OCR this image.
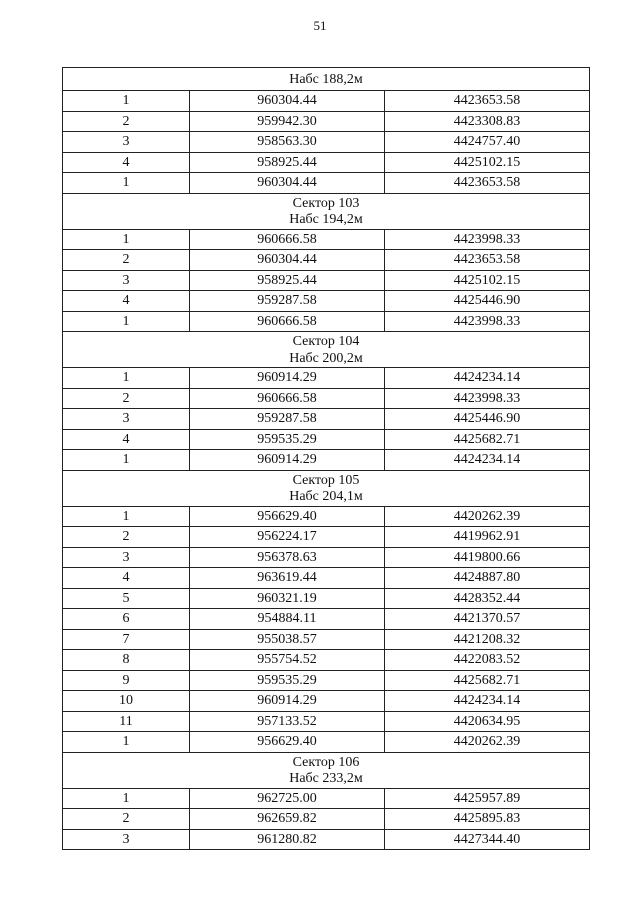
51
Набс 188,2м		

1	960304.44	4423653.58
2	959942.30	4423308.83
3	958563.30	4424757.40
4	958925.44	4425102.15
1	960304.44	4423653.58

Сектор 103
Набс 194,2м		

1	960666.58	4423998.33
2	960304.44	4423653.58
3	958925.44	4425102.15
4	959287.58	4425446.90
1	960666.58	4423998.33

Сектор 104
Набс 200,2м		

1	960914.29	4424234.14
2	960666.58	4423998.33
3	959287.58	4425446.90
4	959535.29	4425682.71
1	960914.29	4424234.14

Сектор 105
Набс 204,1м		

1	956629.40	4420262.39
2	956224.17	4419962.91
3	956378.63	4419800.66
4	963619.44	4424887.80
5	960321.19	4428352.44
6	954884.11	4421370.57
7	955038.57	4421208.32
8	955754.52	4422083.52
9	959535.29	4425682.71
10	960914.29	4424234.14
11	957133.52	4420634.95
1	956629.40	4420262.39

Сектор 106
Набс 233,2м		

1	962725.00	4425957.89
2	962659.82	4425895.83
3	961280.82	4427344.40
